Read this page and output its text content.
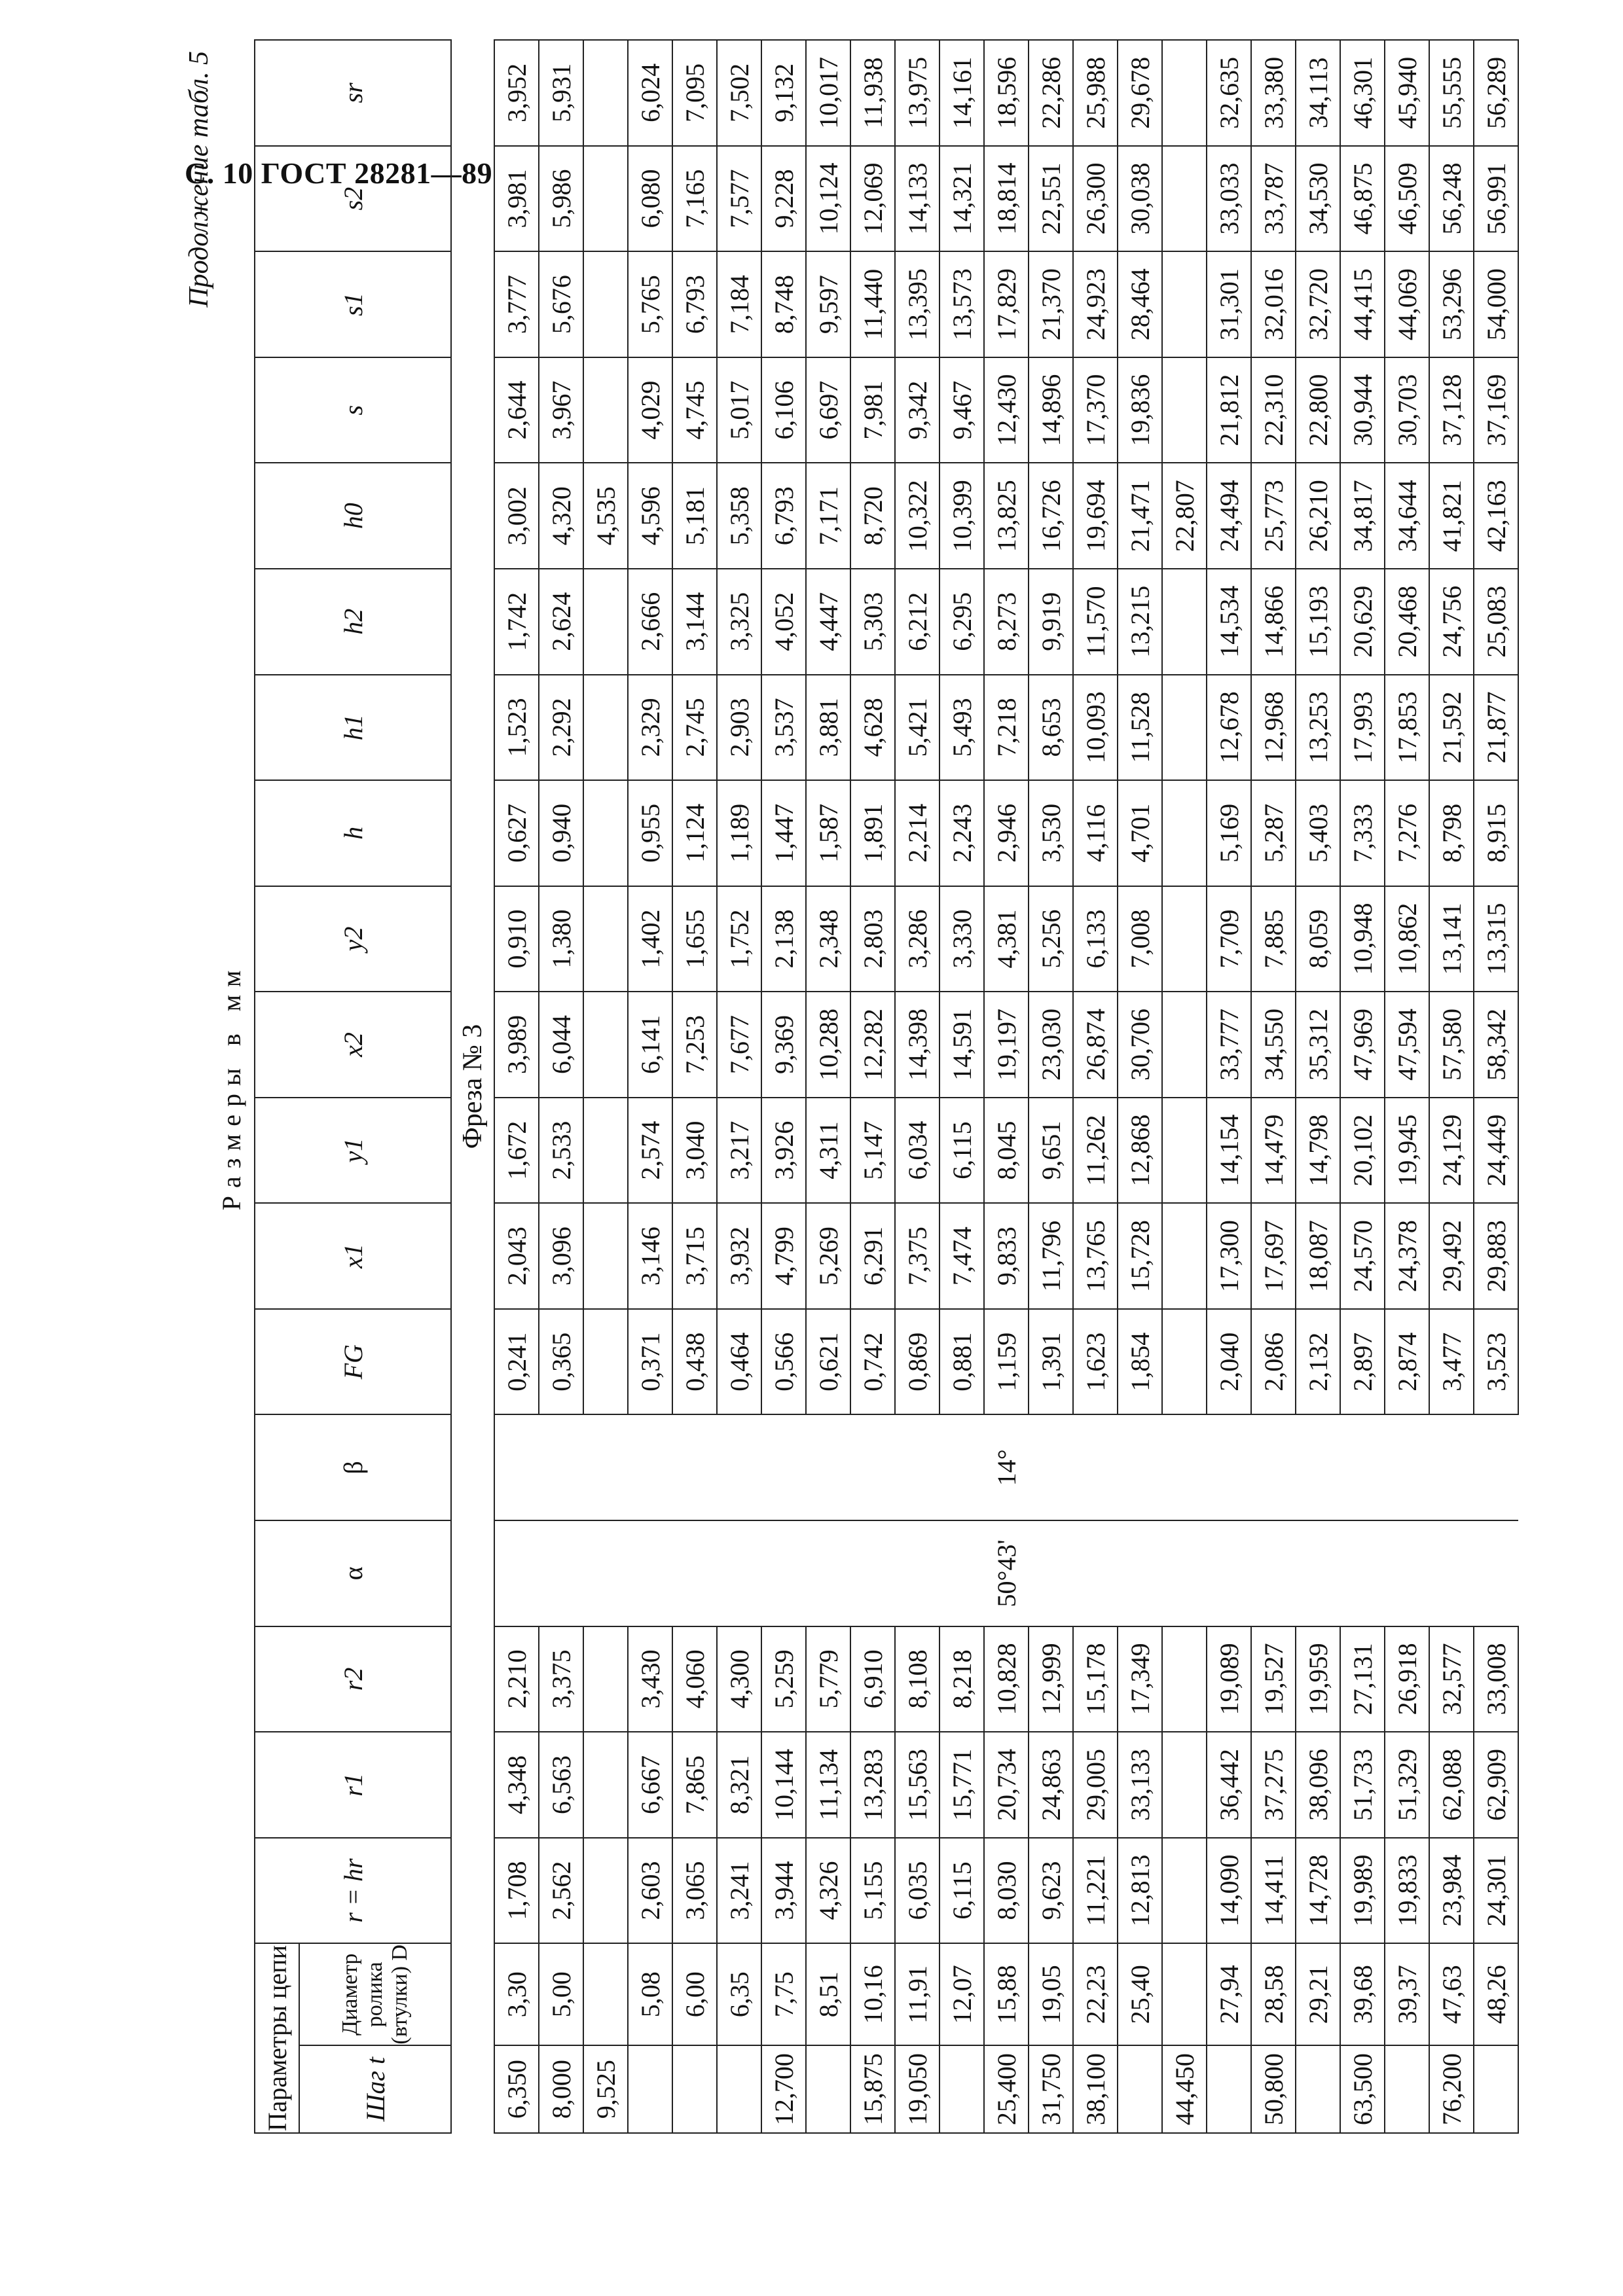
С. 10 ГОСТ 28281—89
Продолжение табл. 5
Размеры в мм
Параметры цепи		r = hr	r1	r2	α	β	FG	x1	y1	x2	y2	h	h1	h2	h0	s	s1	s2	sr
Шаг t	Диаметр ролика (втулки) D																		
Фреза № 3																			
6,350	3,30	1,708	4,348	2,210	50°43'	14°	0,241	2,043	1,672	3,989	0,910	0,627	1,523	1,742	3,002	2,644	3,777	3,981	3,952
8,000	5,00	2,562	6,563	3,375			0,365	3,096	2,533	6,044	1,380	0,940	2,292	2,624	4,320	3,967	5,676	5,986	5,931
9,525															4,535				
	5,08	2,603	6,667	3,430			0,371	3,146	2,574	6,141	1,402	0,955	2,329	2,666	4,596	4,029	5,765	6,080	6,024
	6,00	3,065	7,865	4,060			0,438	3,715	3,040	7,253	1,655	1,124	2,745	3,144	5,181	4,745	6,793	7,165	7,095
	6,35	3,241	8,321	4,300			0,464	3,932	3,217	7,677	1,752	1,189	2,903	3,325	5,358	5,017	7,184	7,577	7,502
12,700	7,75	3,944	10,144	5,259			0,566	4,799	3,926	9,369	2,138	1,447	3,537	4,052	6,793	6,106	8,748	9,228	9,132
	8,51	4,326	11,134	5,779			0,621	5,269	4,311	10,288	2,348	1,587	3,881	4,447	7,171	6,697	9,597	10,124	10,017
15,875	10,16	5,155	13,283	6,910			0,742	6,291	5,147	12,282	2,803	1,891	4,628	5,303	8,720	7,981	11,440	12,069	11,938
19,050	11,91	6,035	15,563	8,108			0,869	7,375	6,034	14,398	3,286	2,214	5,421	6,212	10,322	9,342	13,395	14,133	13,975
	12,07	6,115	15,771	8,218			0,881	7,474	6,115	14,591	3,330	2,243	5,493	6,295	10,399	9,467	13,573	14,321	14,161
25,400	15,88	8,030	20,734	10,828			1,159	9,833	8,045	19,197	4,381	2,946	7,218	8,273	13,825	12,430	17,829	18,814	18,596
31,750	19,05	9,623	24,863	12,999			1,391	11,796	9,651	23,030	5,256	3,530	8,653	9,919	16,726	14,896	21,370	22,551	22,286
38,100	22,23	11,221	29,005	15,178			1,623	13,765	11,262	26,874	6,133	4,116	10,093	11,570	19,694	17,370	24,923	26,300	25,988
	25,40	12,813	33,133	17,349			1,854	15,728	12,868	30,706	7,008	4,701	11,528	13,215	21,471	19,836	28,464	30,038	29,678
44,450															22,807				
	27,94	14,090	36,442	19,089			2,040	17,300	14,154	33,777	7,709	5,169	12,678	14,534	24,494	21,812	31,301	33,033	32,635
50,800	28,58	14,411	37,275	19,527			2,086	17,697	14,479	34,550	7,885	5,287	12,968	14,866	25,773	22,310	32,016	33,787	33,380
	29,21	14,728	38,096	19,959			2,132	18,087	14,798	35,312	8,059	5,403	13,253	15,193	26,210	22,800	32,720	34,530	34,113
63,500	39,68	19,989	51,733	27,131			2,897	24,570	20,102	47,969	10,948	7,333	17,993	20,629	34,817	30,944	44,415	46,875	46,301
	39,37	19,833	51,329	26,918			2,874	24,378	19,945	47,594	10,862	7,276	17,853	20,468	34,644	30,703	44,069	46,509	45,940
76,200	47,63	23,984	62,088	32,577			3,477	29,492	24,129	57,580	13,141	8,798	21,592	24,756	41,821	37,128	53,296	56,248	55,555
	48,26	24,301	62,909	33,008			3,523	29,883	24,449	58,342	13,315	8,915	21,877	25,083	42,163	37,169	54,000	56,991	56,289
